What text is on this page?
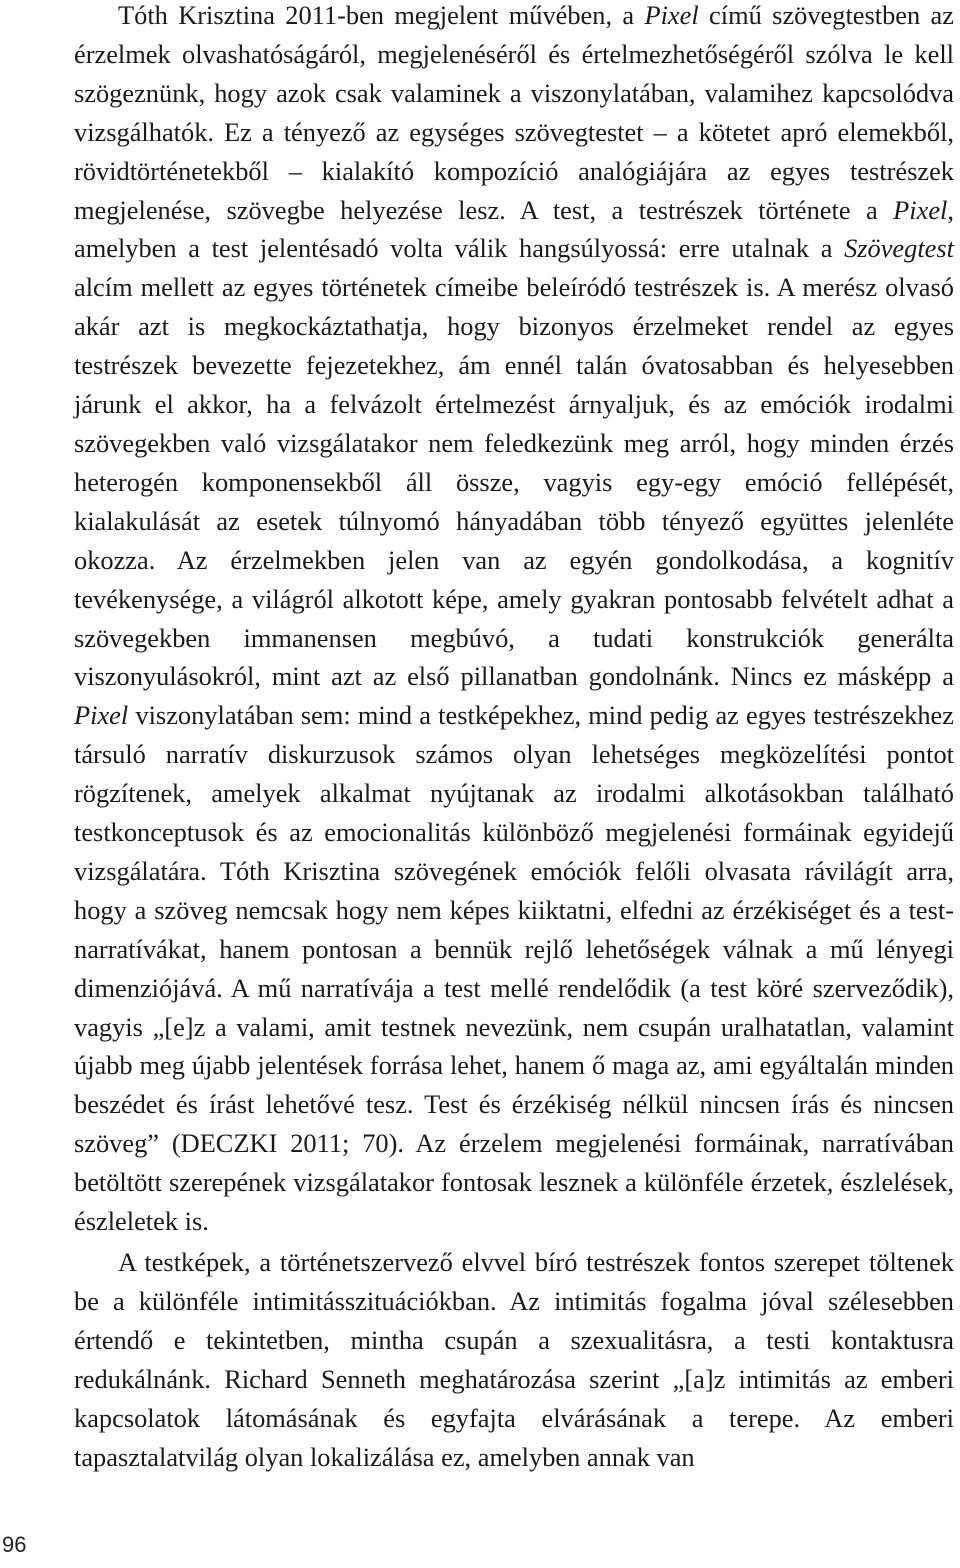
96

Tóth Krisztina 2011-ben megjelent művében, a Pixel című szövegtestben az érzelmek olvashatóságáról, megjelenéséről és értelmezhetőségéről szólva le kell szögeznünk, hogy azok csak valaminek a viszonylatában, valamihez kapcsolódva vizsgálhatók. Ez a tényező az egységes szövegtestet – a kötetet apró elemekből, rövidtörténetekből – kialakító kompozíció analógiájára az egyes testrészek megjelenése, szövegbe helyezése lesz. A test, a testrészek története a Pixel, amelyben a test jelentésadó volta válik hangsúlyossá: erre utalnak a Szövegtest alcím mellett az egyes történetek címeibe beleíródó testrészek is. A merész olvasó akár azt is megkockáztathatja, hogy bizonyos érzelmeket rendel az egyes testrészek bevezette fejezetekhez, ám ennél talán óvatosabban és helyesebben járunk el akkor, ha a felvázolt értelmezést árnyaljuk, és az emóciók irodalmi szövegekben való vizsgálatakor nem feledkezünk meg arról, hogy minden érzés heterogén komponensekből áll össze, vagyis egy-egy emóció fellépését, kialakulását az esetek túlnyomó hányadában több tényező együttes jelenléte okozza. Az érzelmekben jelen van az egyén gondolkodása, a kognitív tevékenysége, a világról alkotott képe, amely gyakran pontosabb felvételt adhat a szövegekben immanensen megbúvó, a tudati konstrukciók generálta viszonyulásokról, mint azt az első pillanatban gondolnánk. Nincs ez másképp a Pixel viszonylatában sem: mind a testképekhez, mind pedig az egyes testrészekhez társuló narratív diskurzusok számos olyan lehetséges megközelítési pontot rögzítenek, amelyek alkalmat nyújtanak az irodalmi alkotásokban található testkonceptusok és az emocionalitás különböző megjelenési formáinak egyidejű vizsgálatára. Tóth Krisztina szövegének emóciók felőli olvasata rávilágít arra, hogy a szöveg nemcsak hogy nem képes kiiktatni, elfedni az érzékiséget és a test-narratívákat, hanem pontosan a bennük rejlő lehetőségek válnak a mű lényegi dimenziójává. A mű narratívája a test mellé rendelődik (a test köré szerveződik), vagyis „[e]z a valami, amit testnek nevezünk, nem csupán uralhatatlan, valamint újabb meg újabb jelentések forrása lehet, hanem ő maga az, ami egyáltalán minden beszédet és írást lehetővé tesz. Test és érzékiség nélkül nincsen írás és nincsen szöveg” (DECZKI 2011; 70). Az érzelem megjelenési formáinak, narratívában betöltött szerepének vizsgálatakor fontosak lesznek a különféle érzetek, észlelések, észleletek is.

A testképek, a történetszervező elvvel bíró testrészek fontos szerepet töltenek be a különféle intimitásszituációkban. Az intimitás fogalma jóval szélesebben értendő e tekintetben, mintha csupán a szexualitásra, a testi kontaktusra redukálnánk. Richard Senneth meghatározása szerint „[a]z intimitás az emberi kapcsolatok látomásának és egyfajta elvárásának a terepe. Az emberi tapasztalatvilág olyan lokalizálása ez, amelyben annak van
